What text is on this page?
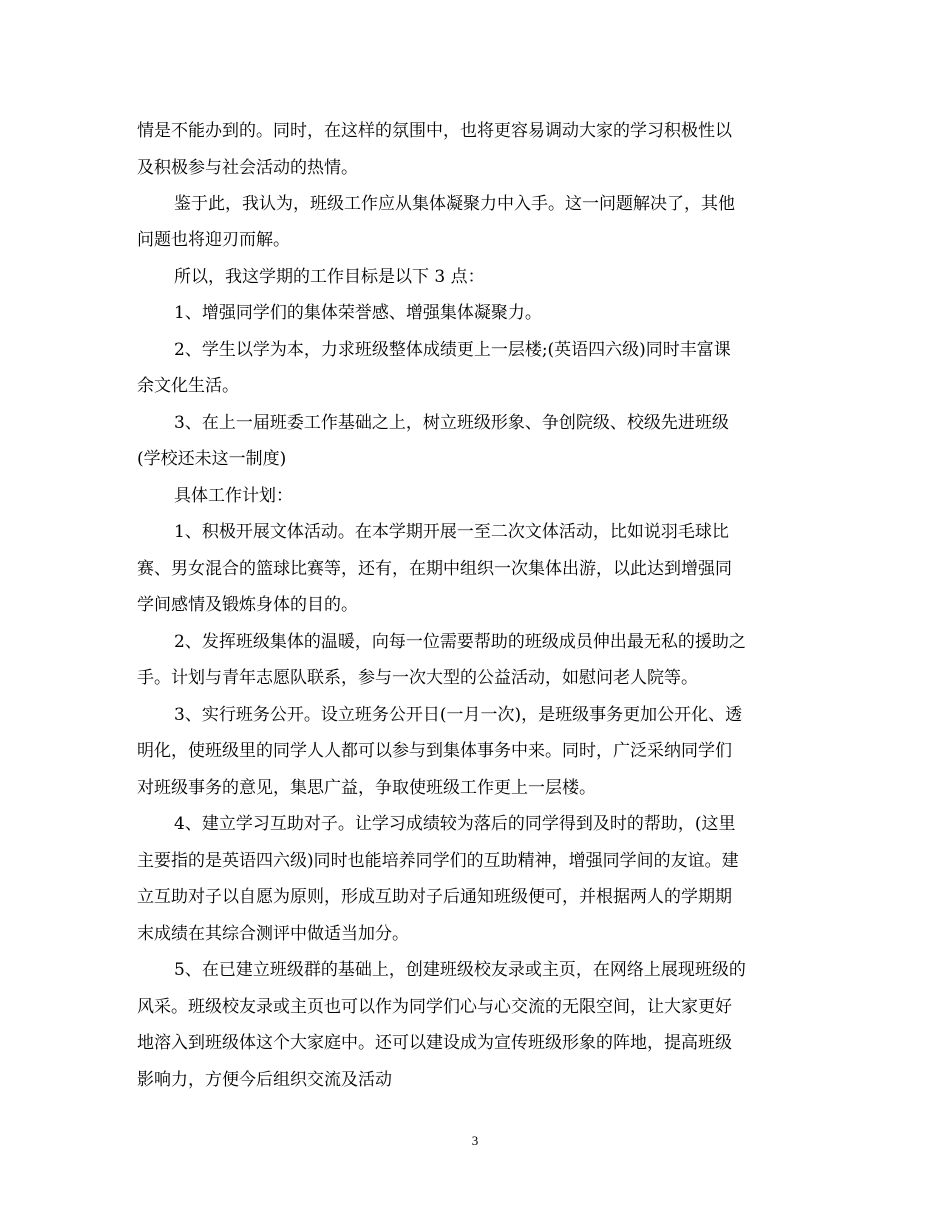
情是不能办到的。同时，在这样的氛围中，也将更容易调动大家的学习积极性以
及积极参与社会活动的热情。
鉴于此，我认为，班级工作应从集体凝聚力中入手。这一问题解决了，其他
问题也将迎刃而解。
所以，我这学期的工作目标是以下 3 点：
1、增强同学们的集体荣誉感、增强集体凝聚力。
2、学生以学为本，力求班级整体成绩更上一层楼;(英语四六级)同时丰富课
余文化生活。
3、在上一届班委工作基础之上，树立班级形象、争创院级、校级先进班级
(学校还未这一制度)
具体工作计划：
1、积极开展文体活动。在本学期开展一至二次文体活动，比如说羽毛球比
赛、男女混合的篮球比赛等，还有，在期中组织一次集体出游，以此达到增强同
学间感情及锻炼身体的目的。
2、发挥班级集体的温暖，向每一位需要帮助的班级成员伸出最无私的援助之
手。计划与青年志愿队联系，参与一次大型的公益活动，如慰问老人院等。
3、实行班务公开。设立班务公开日(一月一次)，是班级事务更加公开化、透
明化，使班级里的同学人人都可以参与到集体事务中来。同时，广泛采纳同学们
对班级事务的意见，集思广益，争取使班级工作更上一层楼。
4、建立学习互助对子。让学习成绩较为落后的同学得到及时的帮助，(这里
主要指的是英语四六级)同时也能培养同学们的互助精神，增强同学间的友谊。建
立互助对子以自愿为原则，形成互助对子后通知班级便可，并根据两人的学期期
末成绩在其综合测评中做适当加分。
5、在已建立班级群的基础上，创建班级校友录或主页，在网络上展现班级的
风采。班级校友录或主页也可以作为同学们心与心交流的无限空间，让大家更好
地溶入到班级体这个大家庭中。还可以建设成为宣传班级形象的阵地，提高班级
影响力，方便今后组织交流及活动
3
